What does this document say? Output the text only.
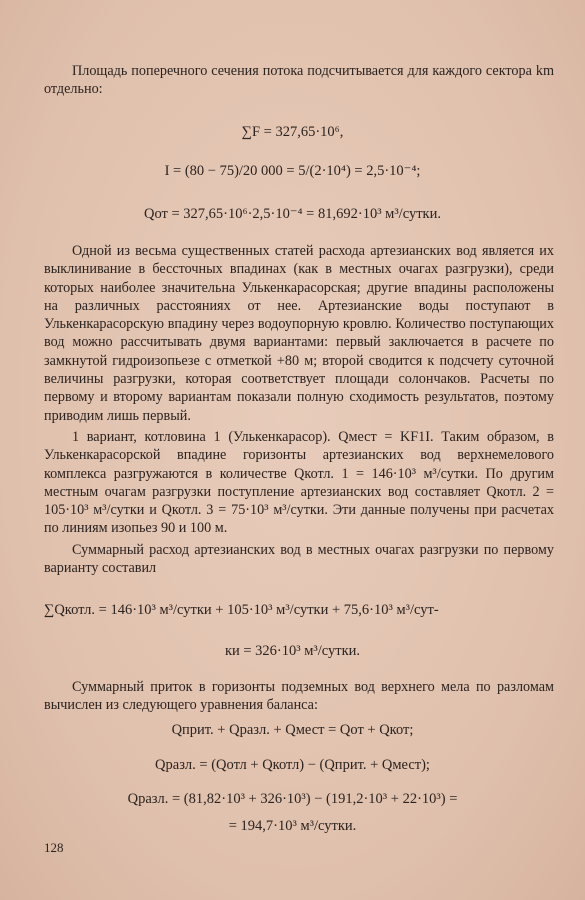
Площадь поперечного сечения потока подсчитывается для каждого сектора km отдельно:

∑F = 327,65·10⁶,
I = (80 − 75)/20 000 = 5/(2·10⁴) = 2,5·10⁻⁴;
Qот = 327,65·10⁶·2,5·10⁻⁴ = 81,692·10³ м³/сутки.

Одной из весьма существенных статей расхода артезианских вод является их выклинивание в бессточных впадинах (как в местных очагах разгрузки), среди которых наиболее значительна Улькенкарасорская; другие впадины расположены на различных расстояниях от нее. Артезианские воды поступают в Улькенкарасорскую впадину через водоупорную кровлю. Количество поступающих вод можно рассчитывать двумя вариантами: первый заключается в расчете по замкнутой гидроизопьезе с отметкой +80 м; второй сводится к подсчету суточной величины разгрузки, которая соответствует площади солончаков. Расчеты по первому и второму вариантам показали полную сходимость результатов, поэтому приводим лишь первый.

1 вариант, котловина 1 (Улькенкарасор). Qмест = KF1I. Таким образом, в Улькенкарасорской впадине горизонты артезианских вод верхнемелового комплекса разгружаются в количестве Qкотл. 1 = 146·10³ м³/сутки. По другим местным очагам разгрузки поступление артезианских вод составляет Qкотл. 2 = 105·10³ м³/сутки и Qкотл. 3 = 75·10³ м³/сутки. Эти данные получены при расчетах по линиям изопьез 90 и 100 м.

Суммарный расход артезианских вод в местных очагах разгрузки по первому варианту составил

∑Qкотл. = 146·10³ м³/сутки + 105·10³ м³/сутки + 75,6·10³ м³/сут-
ки = 326·10³ м³/сутки.

Суммарный приток в горизонты подземных вод верхнего мела по разломам вычислен из следующего уравнения баланса:

Qприт. + Qразл. + Qмест = Qот + Qкот;
Qразл. = (Qотл + Qкотл) − (Qприт. + Qмест);
Qразл. = (81,82·10³ + 326·10³) − (191,2·10³ + 22·10³) =
= 194,7·10³ м³/сутки.
128
